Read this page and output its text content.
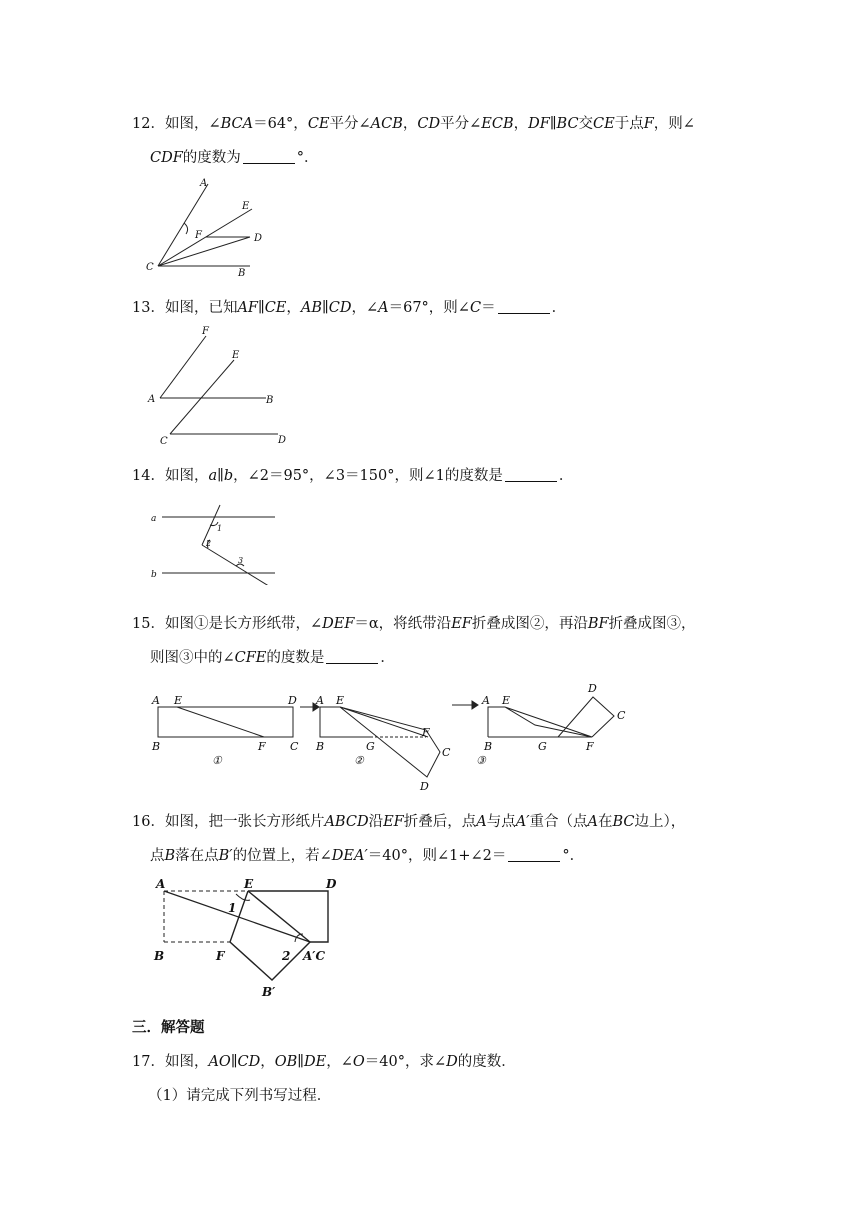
12．如图，∠BCA＝64°，CE平分∠ACB，CD平分∠ECB，DF∥BC交CE于点F，则∠
CDF的度数为	°．
A
E
F	D
C
B
13．如图，已知AF∥CE，AB∥CD，∠A＝67°，则∠C＝	．
F
E
A	B
C	D
14．如图，a∥b，∠2＝95°，∠3＝150°，则∠1的度数是	．
a
b
1
2
3
15．如图①是长方形纸带，∠DEF＝α，将纸带沿EF折叠成图②，再沿BF折叠成图③，
则图③中的∠CFE的度数是	．
A E	D
B	F C
①
A E
B	G
F
C
D
②
A E
B	G	F
D
C
③
16．如图，把一张长方形纸片ABCD沿EF折叠后，点A与点A′重合（点A在BC边上），
点B落在点B′的位置上，若∠DEA′＝40°，则∠1+∠2＝	°．
A	E	D
1
B	F	2 A′C
B′
三．解答题
17．如图，AO∥CD，OB∥DE，∠O＝40°，求∠D的度数．
（1）请完成下列书写过程．
